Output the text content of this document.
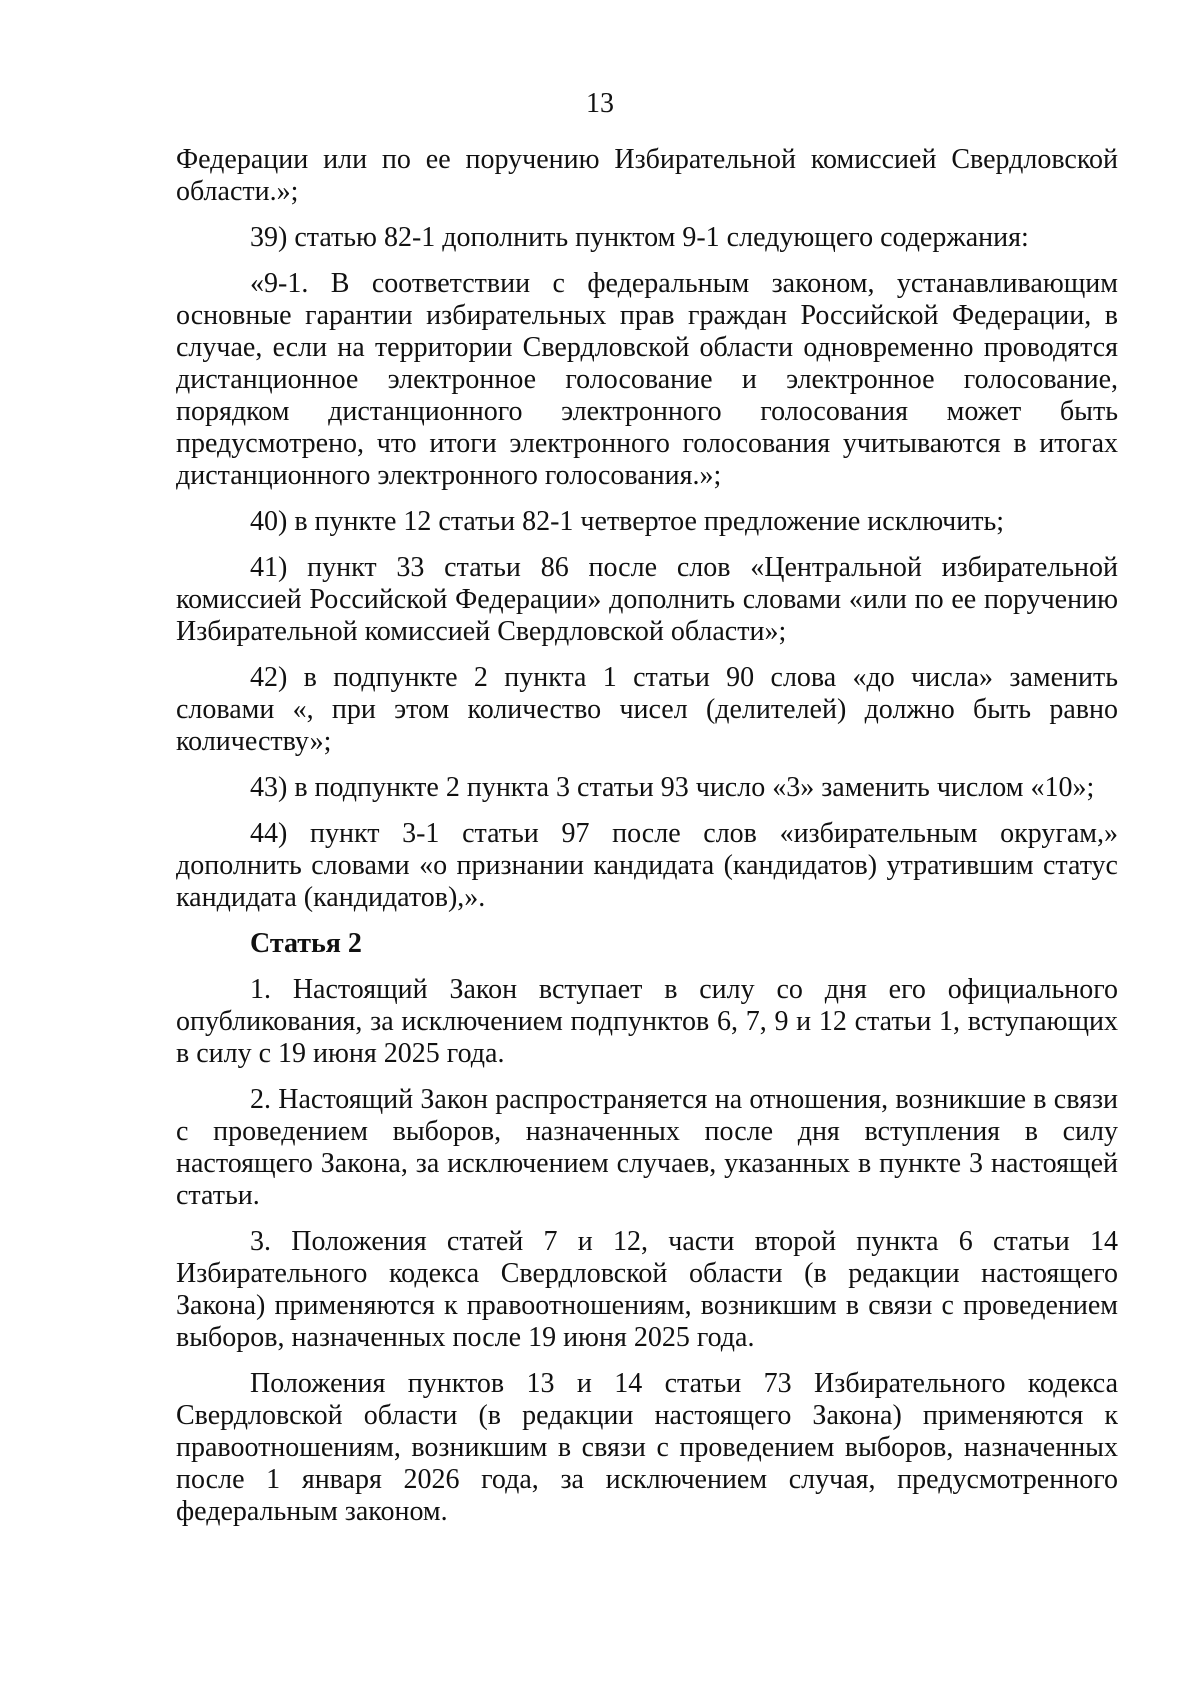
13

Федерации или по ее поручению Избирательной комиссией Свердловской области.»;

39) статью 82-1 дополнить пунктом 9-1 следующего содержания:

«9-1. В соответствии с федеральным законом, устанавливающим основные гарантии избирательных прав граждан Российской Федерации, в случае, если на территории Свердловской области одновременно проводятся дистанционное электронное голосование и электронное голосование, порядком дистанционного электронного голосования может быть предусмотрено, что итоги электронного голосования учитываются в итогах дистанционного электронного голосования.»;

40) в пункте 12 статьи 82-1 четвертое предложение исключить;

41) пункт 33 статьи 86 после слов «Центральной избирательной комиссией Российской Федерации» дополнить словами «или по ее поручению Избирательной комиссией Свердловской области»;

42) в подпункте 2 пункта 1 статьи 90 слова «до числа» заменить словами «, при этом количество чисел (делителей) должно быть равно количеству»;

43) в подпункте 2 пункта 3 статьи 93 число «3» заменить числом «10»;

44) пункт 3-1 статьи 97 после слов «избирательным округам,» дополнить словами «о признании кандидата (кандидатов) утратившим статус кандидата (кандидатов),».

Статья 2

1. Настоящий Закон вступает в силу со дня его официального опубликования, за исключением подпунктов 6, 7, 9 и 12 статьи 1, вступающих в силу с 19 июня 2025 года.

2. Настоящий Закон распространяется на отношения, возникшие в связи с проведением выборов, назначенных после дня вступления в силу настоящего Закона, за исключением случаев, указанных в пункте 3 настоящей статьи.

3. Положения статей 7 и 12, части второй пункта 6 статьи 14 Избирательного кодекса Свердловской области (в редакции настоящего Закона) применяются к правоотношениям, возникшим в связи с проведением выборов, назначенных после 19 июня 2025 года.

Положения пунктов 13 и 14 статьи 73 Избирательного кодекса Свердловской области (в редакции настоящего Закона) применяются к правоотношениям, возникшим в связи с проведением выборов, назначенных после 1 января 2026 года, за исключением случая, предусмотренного федеральным законом.
